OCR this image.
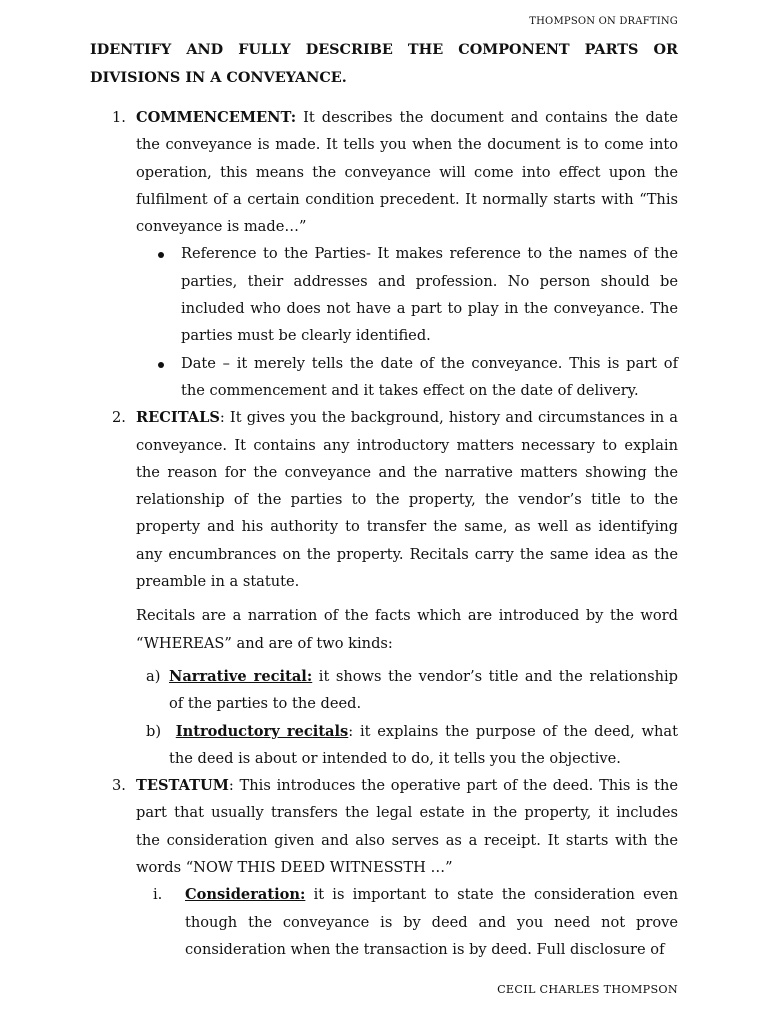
THOMPSON ON DRAFTING

IDENTIFY AND FULLY DESCRIBE THE COMPONENT PARTS OR DIVISIONS IN A CONVEYANCE.

1. COMMENCEMENT: It describes the document and contains the date the conveyance is made. It tells you when the document is to come into operation, this means the conveyance will come into effect upon the fulfilment of a certain condition precedent. It normally starts with “This conveyance is made…”

Reference to the Parties- It makes reference to the names of the parties, their addresses and profession. No person should be included who does not have a part to play in the conveyance. The parties must be clearly identified.

Date – it merely tells the date of the conveyance. This is part of the commencement and it takes effect on the date of delivery.

2. RECITALS: It gives you the background, history and circumstances in a conveyance. It contains any introductory matters necessary to explain the reason for the conveyance and the narrative matters showing the relationship of the parties to the property, the vendor’s title to the property and his authority to transfer the same, as well as identifying any encumbrances on the property. Recitals carry the same idea as the preamble in a statute.

Recitals are a narration of the facts which are introduced by the word “WHEREAS” and are of two kinds:

a) Narrative recital: it shows the vendor’s title and the relationship of the parties to the deed.

b)	Introductory recitals: it explains the purpose of the deed, what the deed is about or intended to do, it tells you the objective.

3. TESTATUM: This introduces the operative part of the deed. This is the part that usually transfers the legal estate in the property, it includes the consideration given and also serves as a receipt. It starts with the words “NOW THIS DEED WITNESSTH …”

i. Consideration: it is important to state the consideration even though the conveyance is by deed and you need not prove consideration when the transaction is by deed. Full disclosure of

CECIL CHARLES THOMPSON
